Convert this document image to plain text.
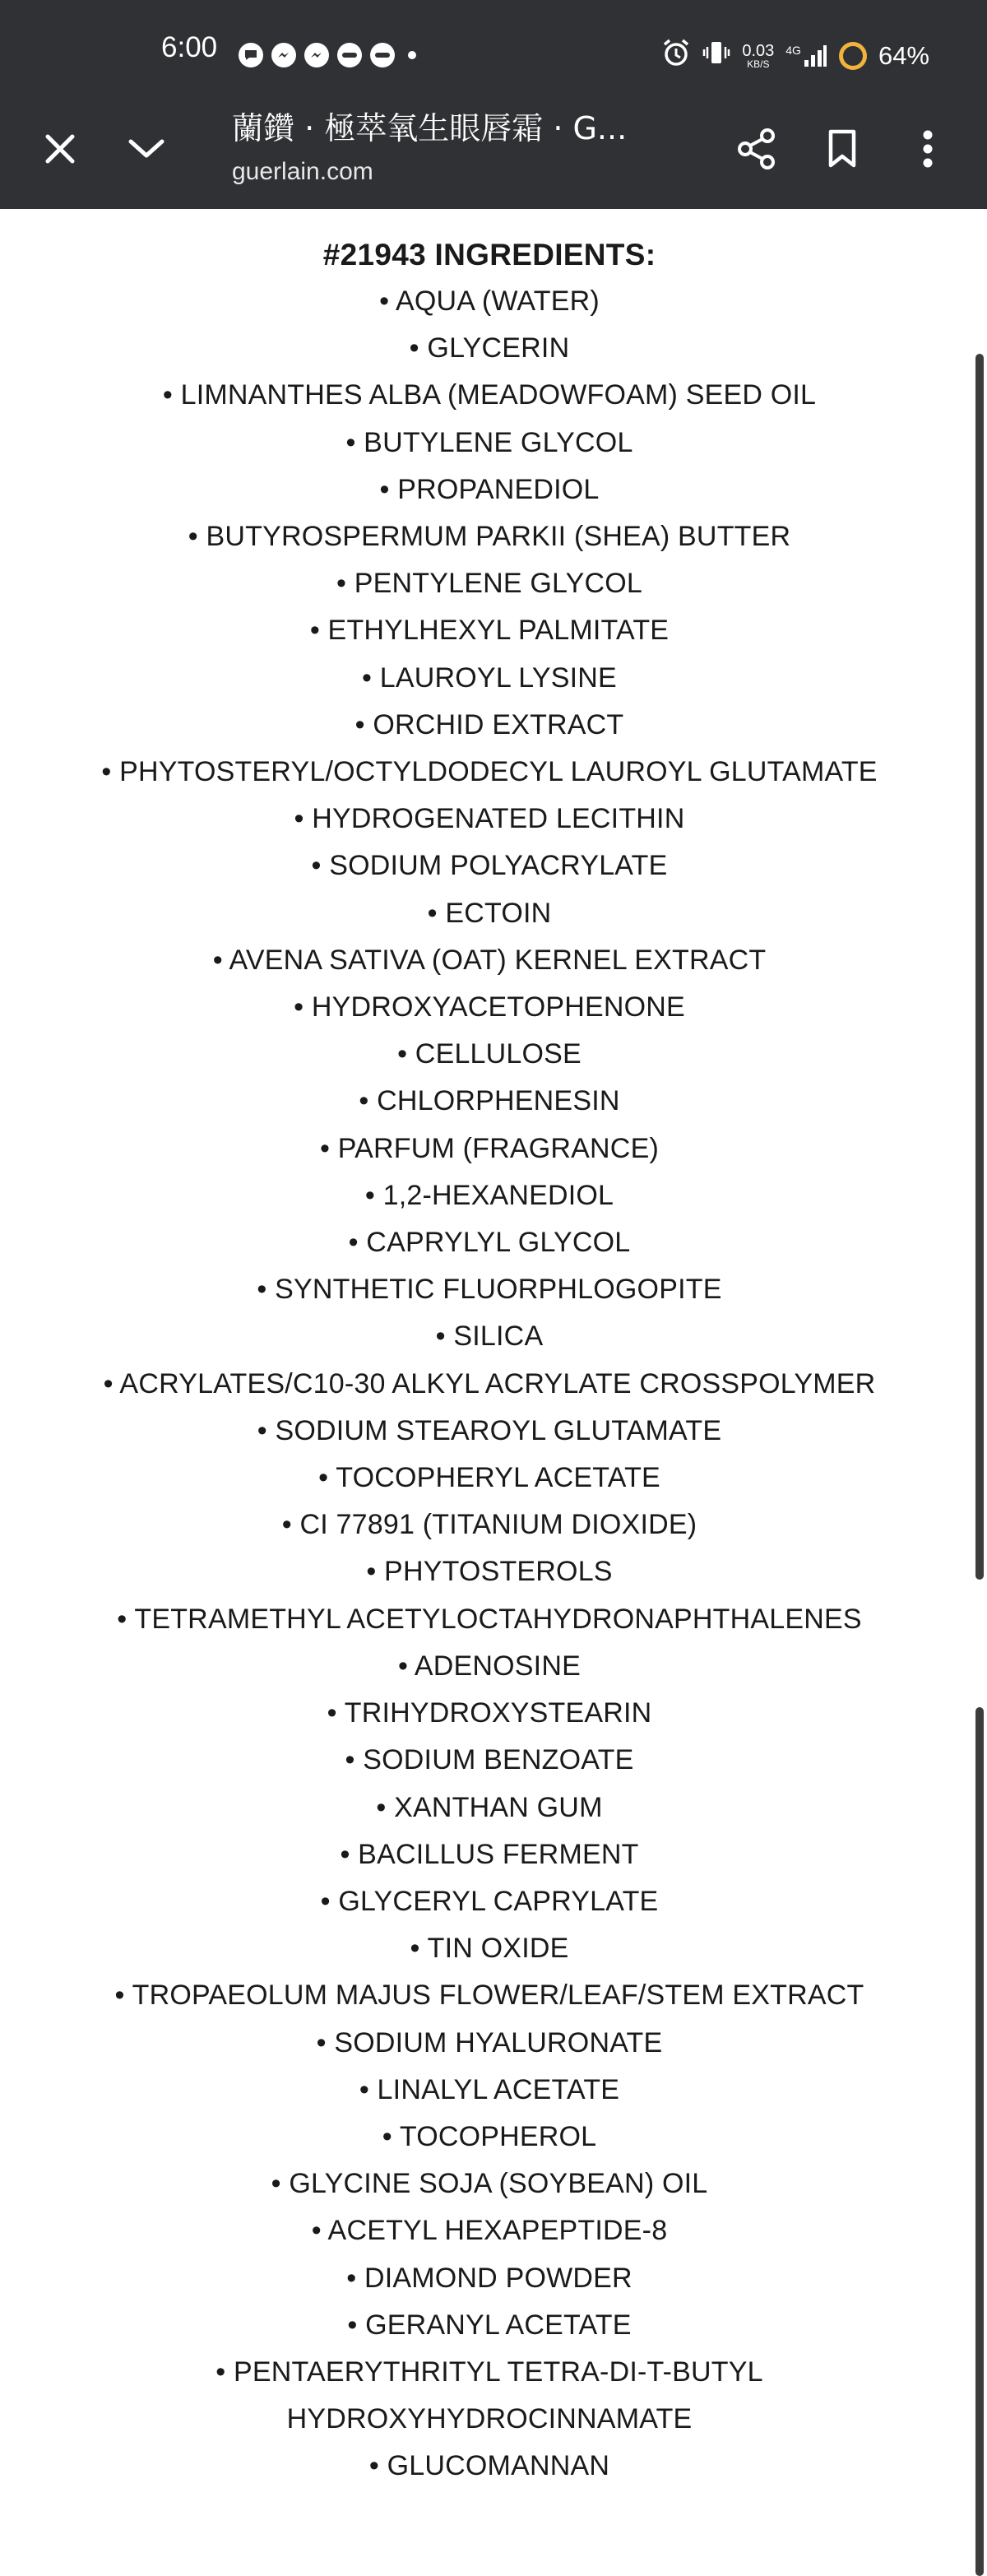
6:00	0.03
KB/S
4G	64%
蘭鑽 · 極萃氧生眼唇霜 · G...
guerlain.com
#21943 INGREDIENTS:
• AQUA (WATER)
• GLYCERIN
• LIMNANTHES ALBA (MEADOWFOAM) SEED OIL
• BUTYLENE GLYCOL
• PROPANEDIOL
• BUTYROSPERMUM PARKII (SHEA) BUTTER
• PENTYLENE GLYCOL
• ETHYLHEXYL PALMITATE
• LAUROYL LYSINE
• ORCHID EXTRACT
• PHYTOSTERYL/OCTYLDODECYL LAUROYL GLUTAMATE
• HYDROGENATED LECITHIN
• SODIUM POLYACRYLATE
• ECTOIN
• AVENA SATIVA (OAT) KERNEL EXTRACT
• HYDROXYACETOPHENONE
• CELLULOSE
• CHLORPHENESIN
• PARFUM (FRAGRANCE)
• 1,2-HEXANEDIOL
• CAPRYLYL GLYCOL
• SYNTHETIC FLUORPHLOGOPITE
• SILICA
• ACRYLATES/C10-30 ALKYL ACRYLATE CROSSPOLYMER
• SODIUM STEAROYL GLUTAMATE
• TOCOPHERYL ACETATE
• CI 77891 (TITANIUM DIOXIDE)
• PHYTOSTEROLS
• TETRAMETHYL ACETYLOCTAHYDRONAPHTHALENES
• ADENOSINE
• TRIHYDROXYSTEARIN
• SODIUM BENZOATE
• XANTHAN GUM
• BACILLUS FERMENT
• GLYCERYL CAPRYLATE
• TIN OXIDE
• TROPAEOLUM MAJUS FLOWER/LEAF/STEM EXTRACT
• SODIUM HYALURONATE
• LINALYL ACETATE
• TOCOPHEROL
• GLYCINE SOJA (SOYBEAN) OIL
• ACETYL HEXAPEPTIDE-8
• DIAMOND POWDER
• GERANYL ACETATE
• PENTAERYTHRITYL TETRA-DI-T-BUTYL HYDROXYHYDROCINNAMATE
• GLUCOMANNAN
